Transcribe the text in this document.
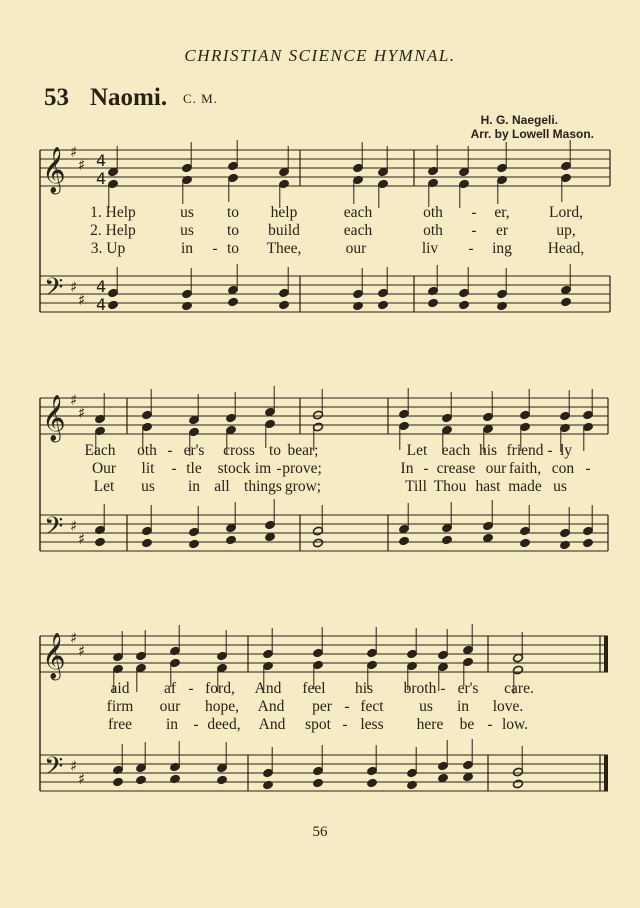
CHRISTIAN SCIENCE HYMNAL.
53 Naomi. C. M.
H. G. Naegeli.
Arr. by Lowell Mason.
𝄞
𝄢
♯
♯
♯
♯
4
4
4
4
𝄞
𝄢
♯
♯
♯
♯
𝄞
𝄢
♯
♯
♯
♯
1. Help	us to help	each	oth - er,	Lord,
2. Help	us to build	each	oth - er	up,
3. Up	in - to Thee,	our	liv - ing Head,
Each oth - er's cross to bear;	Let each his friend - ly
Our lit - tle stock im - prove;	In - crease our faith, con -
Let us in all things grow;	Till Thou hast made us
aid af - ford, And feel his broth - er's care.
firm our hope, And per - fect us in love.
free in - deed, And spot - less here be - low.
56
